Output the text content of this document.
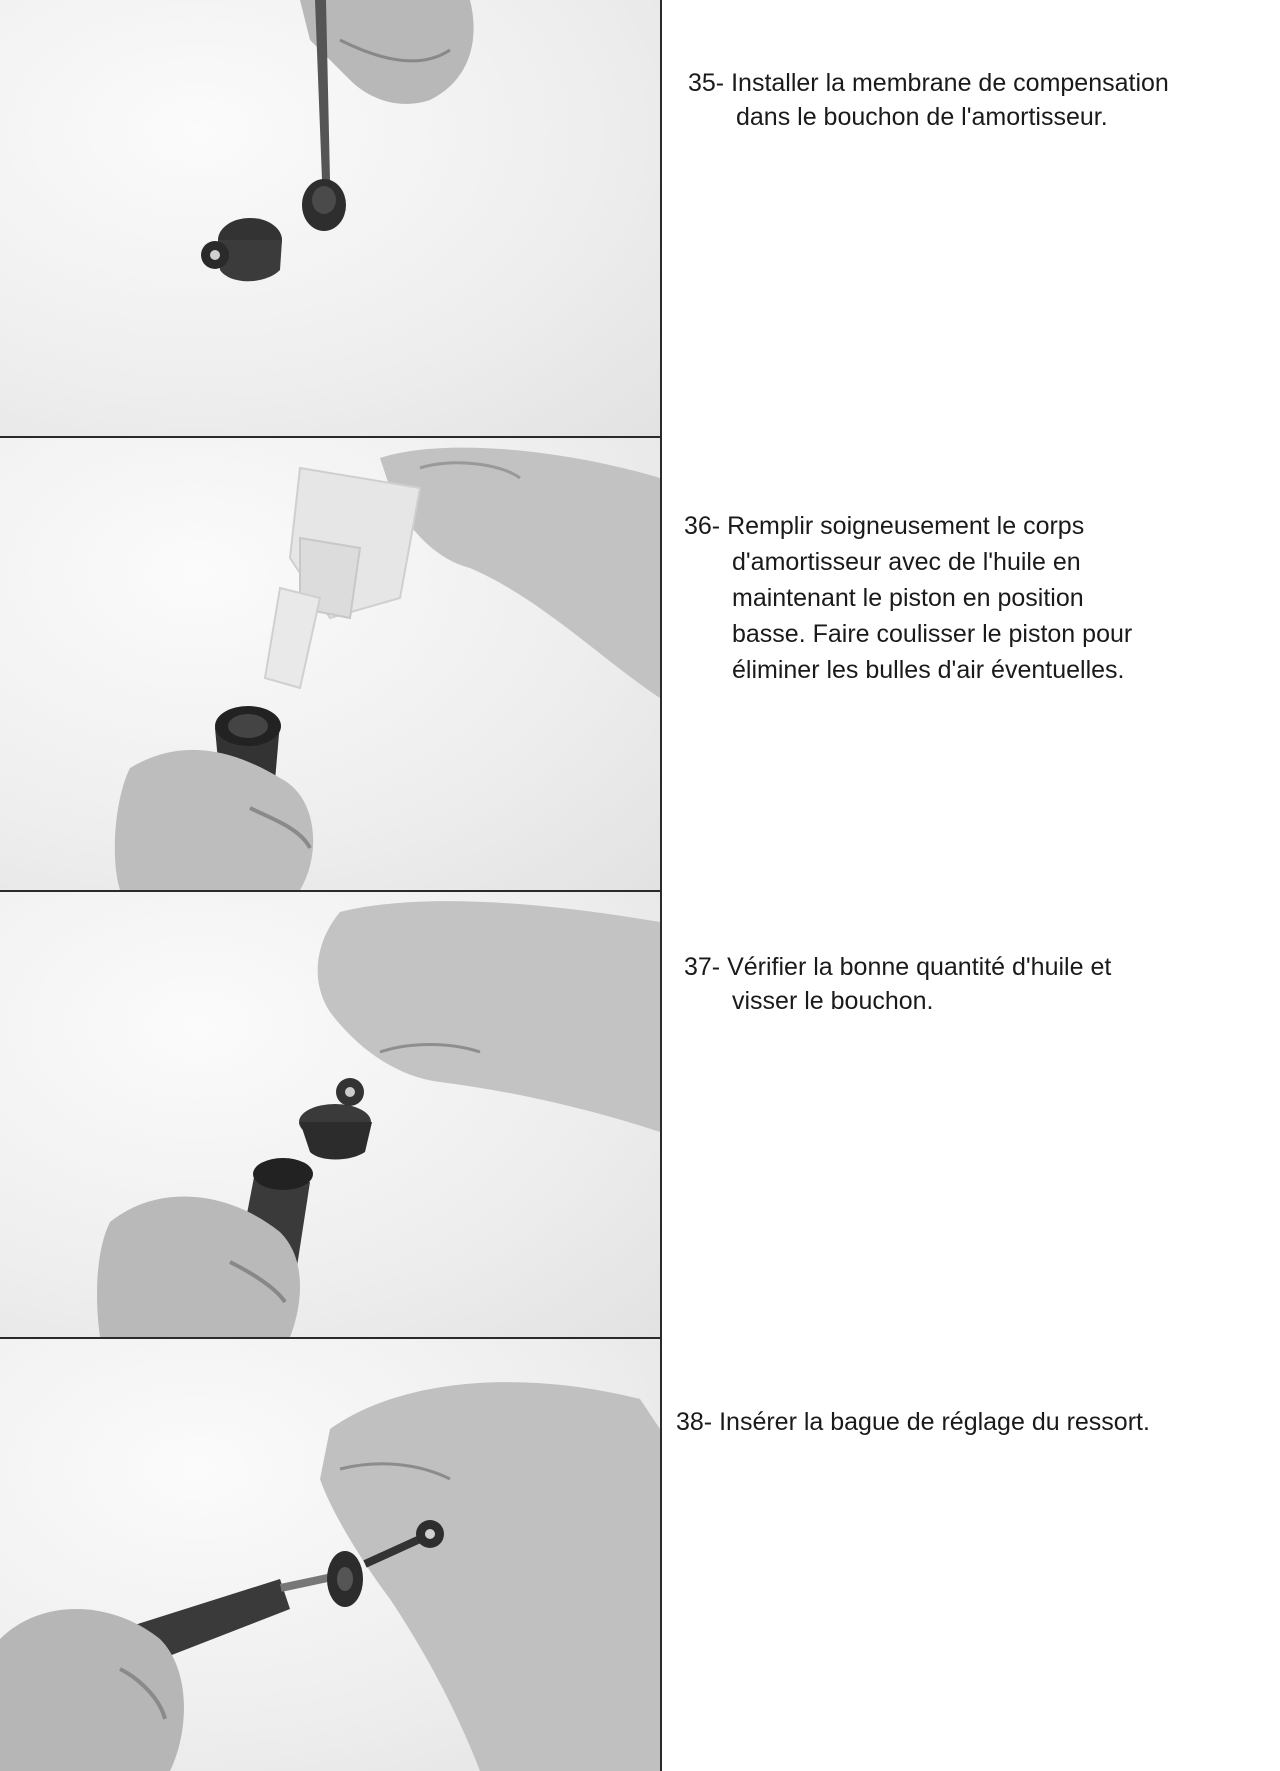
35- Installer la membrane de compensation
dans le bouchon de l'amortisseur.
36- Remplir soigneusement le corps
d'amortisseur avec de l'huile en
maintenant le piston en position
basse. Faire coulisser le piston pour
éliminer les bulles d'air éventuelles.
37- Vérifier la bonne quantité d'huile et
visser le bouchon.
38- Insérer la bague de réglage du ressort.
